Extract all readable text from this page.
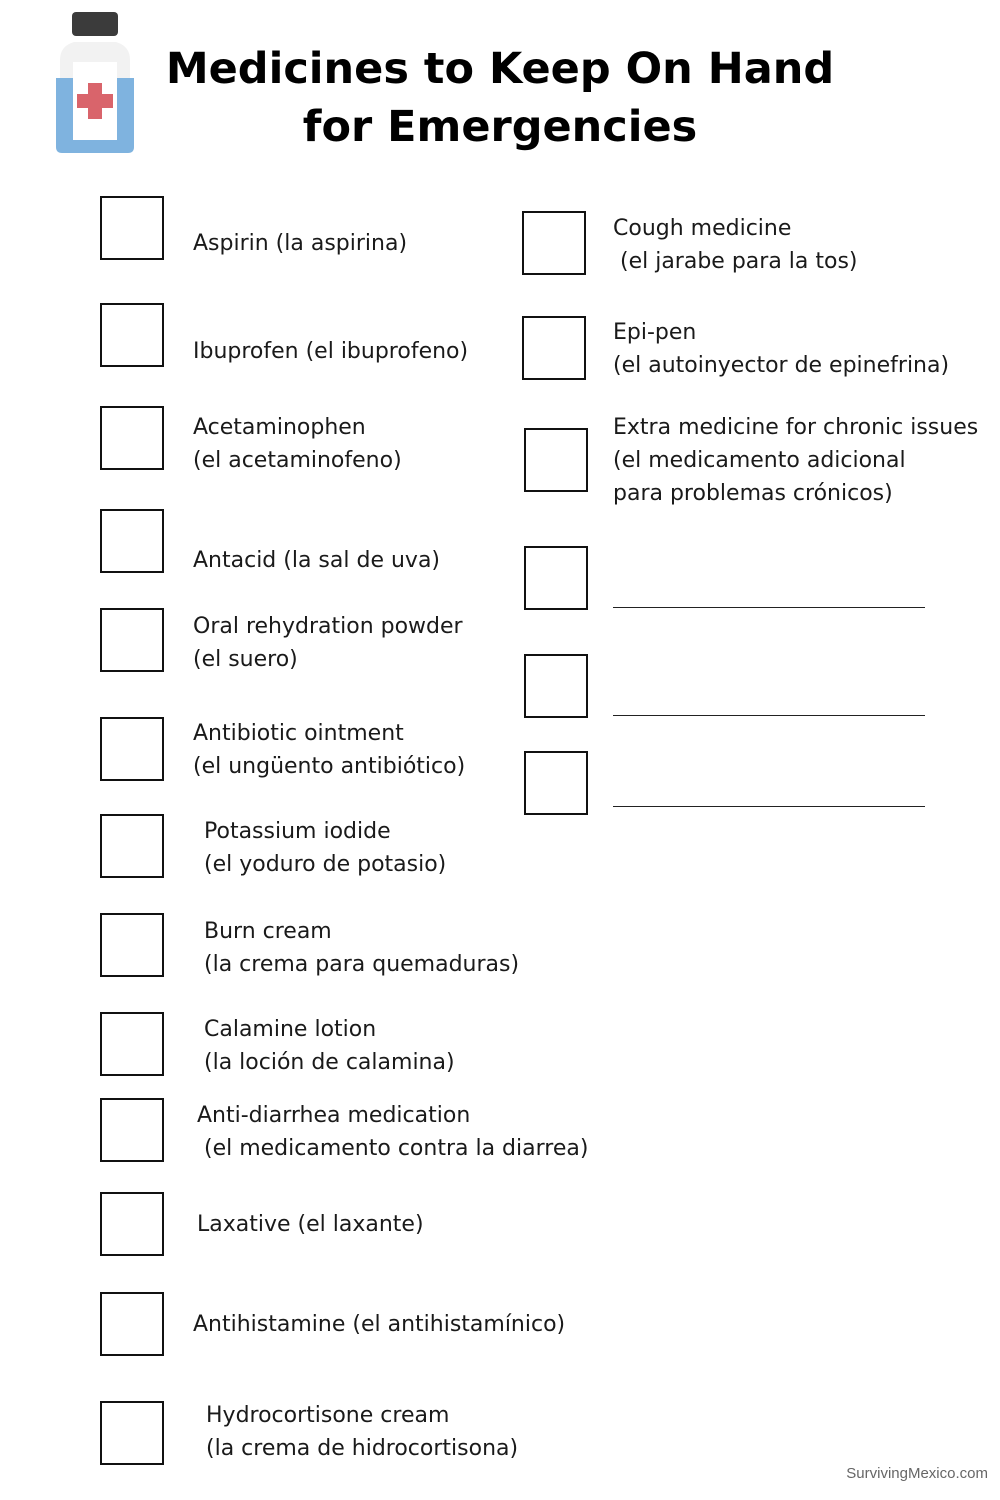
Medicines to Keep On Hand
for Emergencies
Aspirin (la aspirina)
Ibuprofen (el ibuprofeno)
Acetaminophen
(el acetaminofeno)
Antacid (la sal de uva)
Oral rehydration powder
(el suero)
Antibiotic ointment
(el ungüento antibiótico)
Potassium iodide
(el yoduro de potasio)
Burn cream
(la crema para quemaduras)
Calamine lotion
(la loción de calamina)
Anti-diarrhea medication
(el medicamento contra la diarrea)
Laxative (el laxante)
Antihistamine (el antihistamínico)
Hydrocortisone cream
(la crema de hidrocortisona)
Cough medicine
(el jarabe para la tos)
Epi-pen
(el autoinyector de epinefrina)
Extra medicine for chronic issues
(el medicamento adicional
para problemas crónicos)
SurvivingMexico.com
